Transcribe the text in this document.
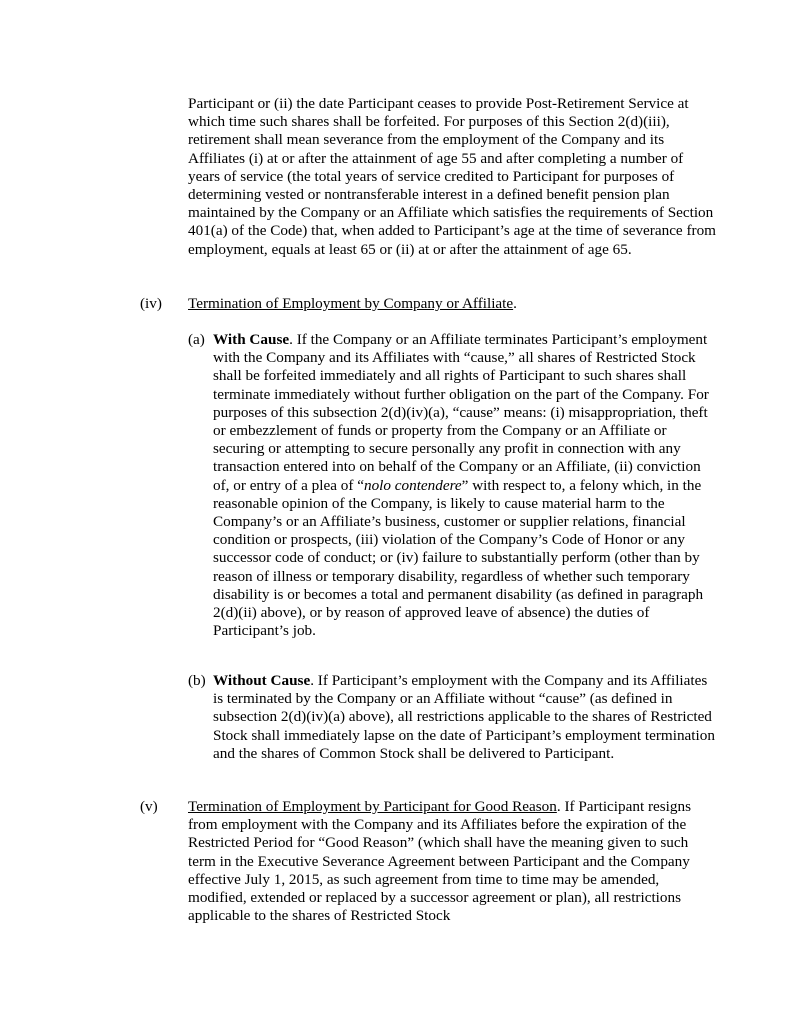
Participant or (ii) the date Participant ceases to provide Post-Retirement Service at which time such shares shall be forfeited. For purposes of this Section 2(d)(iii), retirement shall mean severance from the employment of the Company and its Affiliates (i) at or after the attainment of age 55 and after completing a number of years of service (the total years of service credited to Participant for purposes of determining vested or nontransferable interest in a defined benefit pension plan maintained by the Company or an Affiliate which satisfies the requirements of Section 401(a) of the Code) that, when added to Participant’s age at the time of severance from employment, equals at least 65 or (ii) at or after the attainment of age 65.

(iv) Termination of Employment by Company or Affiliate.
(a) With Cause. If the Company or an Affiliate terminates Participant’s employment with the Company and its Affiliates with “cause,” all shares of Restricted Stock shall be forfeited immediately and all rights of Participant to such shares shall terminate immediately without further obligation on the part of the Company. For purposes of this subsection 2(d)(iv)(a), “cause” means: (i) misappropriation, theft or embezzlement of funds or property from the Company or an Affiliate or securing or attempting to secure personally any profit in connection with any transaction entered into on behalf of the Company or an Affiliate, (ii) conviction of, or entry of a plea of “nolo contendere” with respect to, a felony which, in the reasonable opinion of the Company, is likely to cause material harm to the Company’s or an Affiliate’s business, customer or supplier relations, financial condition or prospects, (iii) violation of the Company’s Code of Honor or any successor code of conduct; or (iv) failure to substantially perform (other than by reason of illness or temporary disability, regardless of whether such temporary disability is or becomes a total and permanent disability (as defined in paragraph 2(d)(ii) above), or by reason of approved leave of absence) the duties of Participant’s job.

(b) Without Cause. If Participant’s employment with the Company and its Affiliates is terminated by the Company or an Affiliate without “cause” (as defined in subsection 2(d)(iv)(a) above), all restrictions applicable to the shares of Restricted Stock shall immediately lapse on the date of Participant’s employment termination and the shares of Common Stock shall be delivered to Participant.

(v) Termination of Employment by Participant for Good Reason. If Participant resigns from employment with the Company and its Affiliates before the expiration of the Restricted Period for “Good Reason” (which shall have the meaning given to such term in the Executive Severance Agreement between Participant and the Company effective July 1, 2015, as such agreement from time to time may be amended, modified, extended or replaced by a successor agreement or plan), all restrictions applicable to the shares of Restricted Stock
